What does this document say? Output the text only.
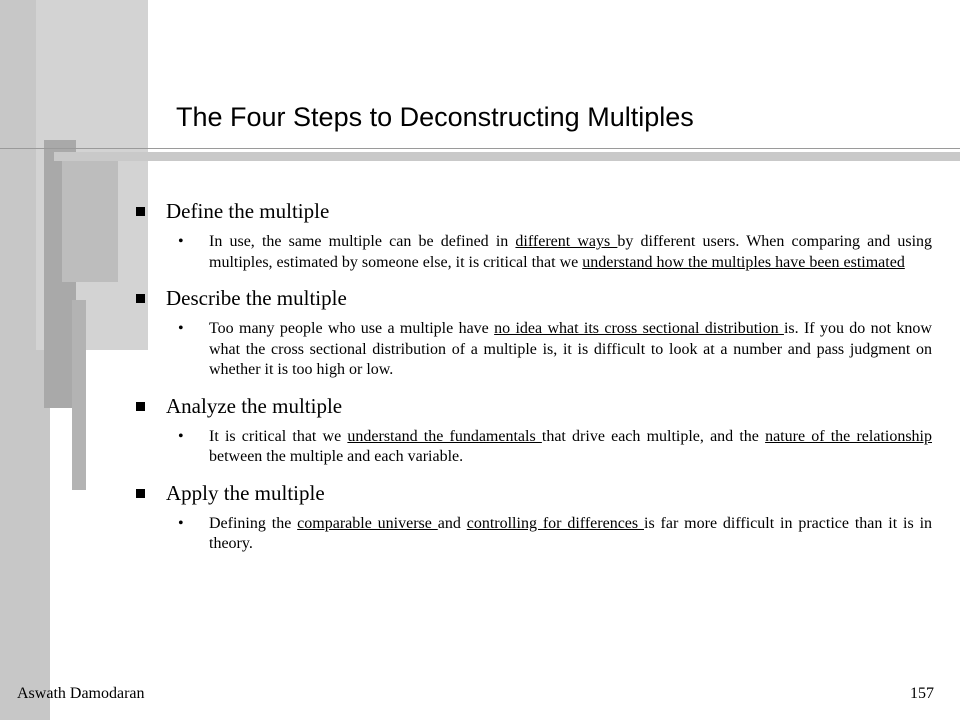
The Four Steps to Deconstructing Multiples
Define the multiple
• In use, the same multiple can be defined in different ways by different users. When comparing and using multiples, estimated by someone else, it is critical that we understand how the multiples have been estimated
Describe the multiple
• Too many people who use a multiple have no idea what its cross sectional distribution is. If you do not know what the cross sectional distribution of a multiple is, it is difficult to look at a number and pass judgment on whether it is too high or low.
Analyze the multiple
• It is critical that we understand the fundamentals that drive each multiple, and the nature of the relationship between the multiple and each variable.
Apply the multiple
• Defining the comparable universe and controlling for differences is far more difficult in practice than it is in theory.
Aswath Damodaran	157
